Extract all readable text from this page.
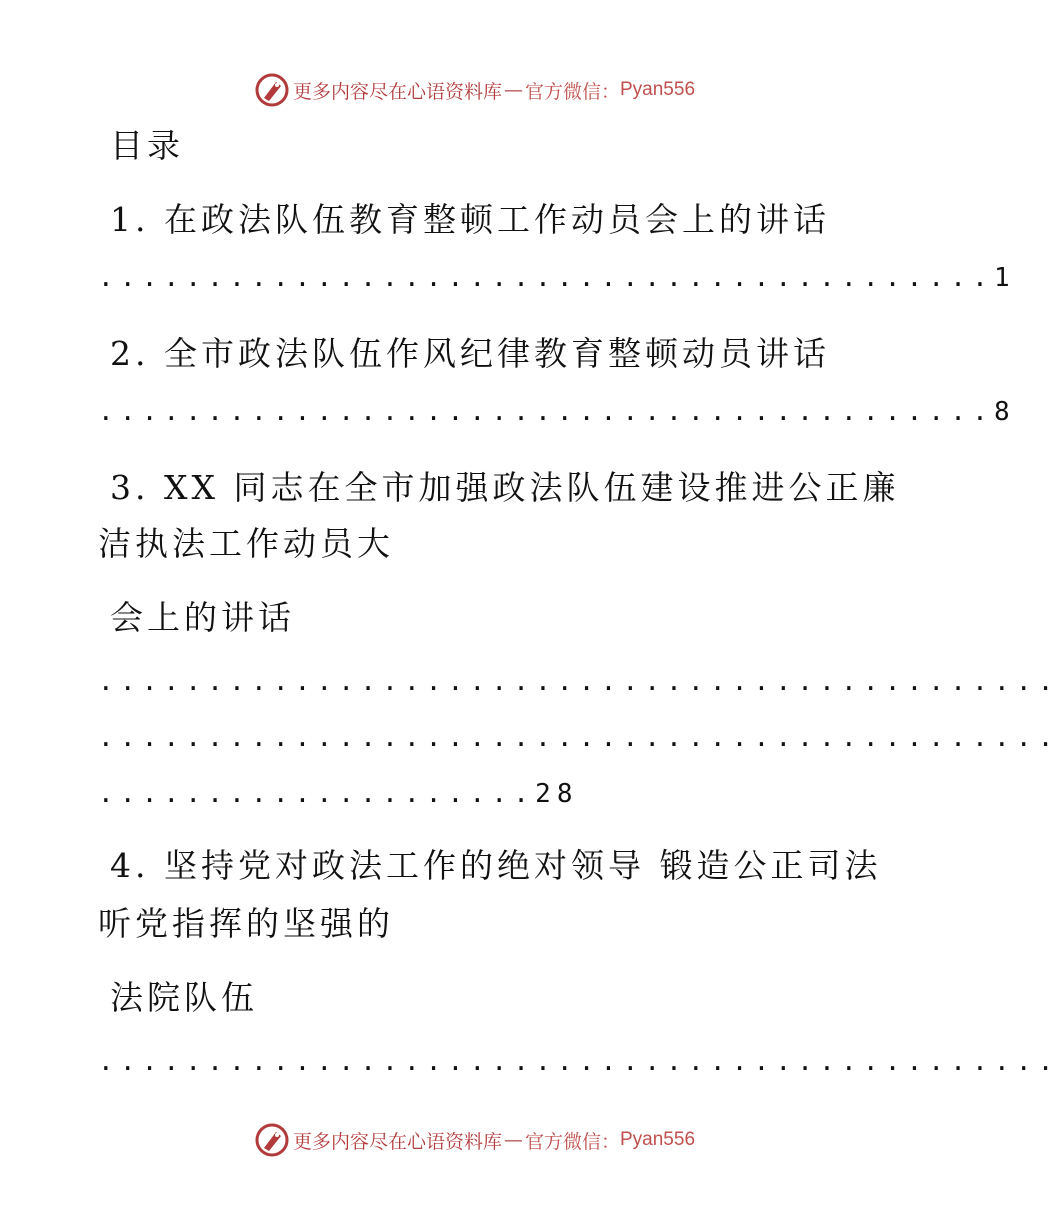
更多内容尽在心语资料库 — 官方微信： Pyan556
目录
1. 在政法队伍教育整顿工作动员会上的讲话
.........................................1
2. 全市政法队伍作风纪律教育整顿动员讲话
.........................................8
3. XX 同志在全市加强政法队伍建设推进公正廉
洁执法工作动员大
会上的讲话
............................................
............................................
....................28
4. 坚持党对政法工作的绝对领导 锻造公正司法
听党指挥的坚强的
法院队伍
............................................
更多内容尽在心语资料库 — 官方微信： Pyan556
